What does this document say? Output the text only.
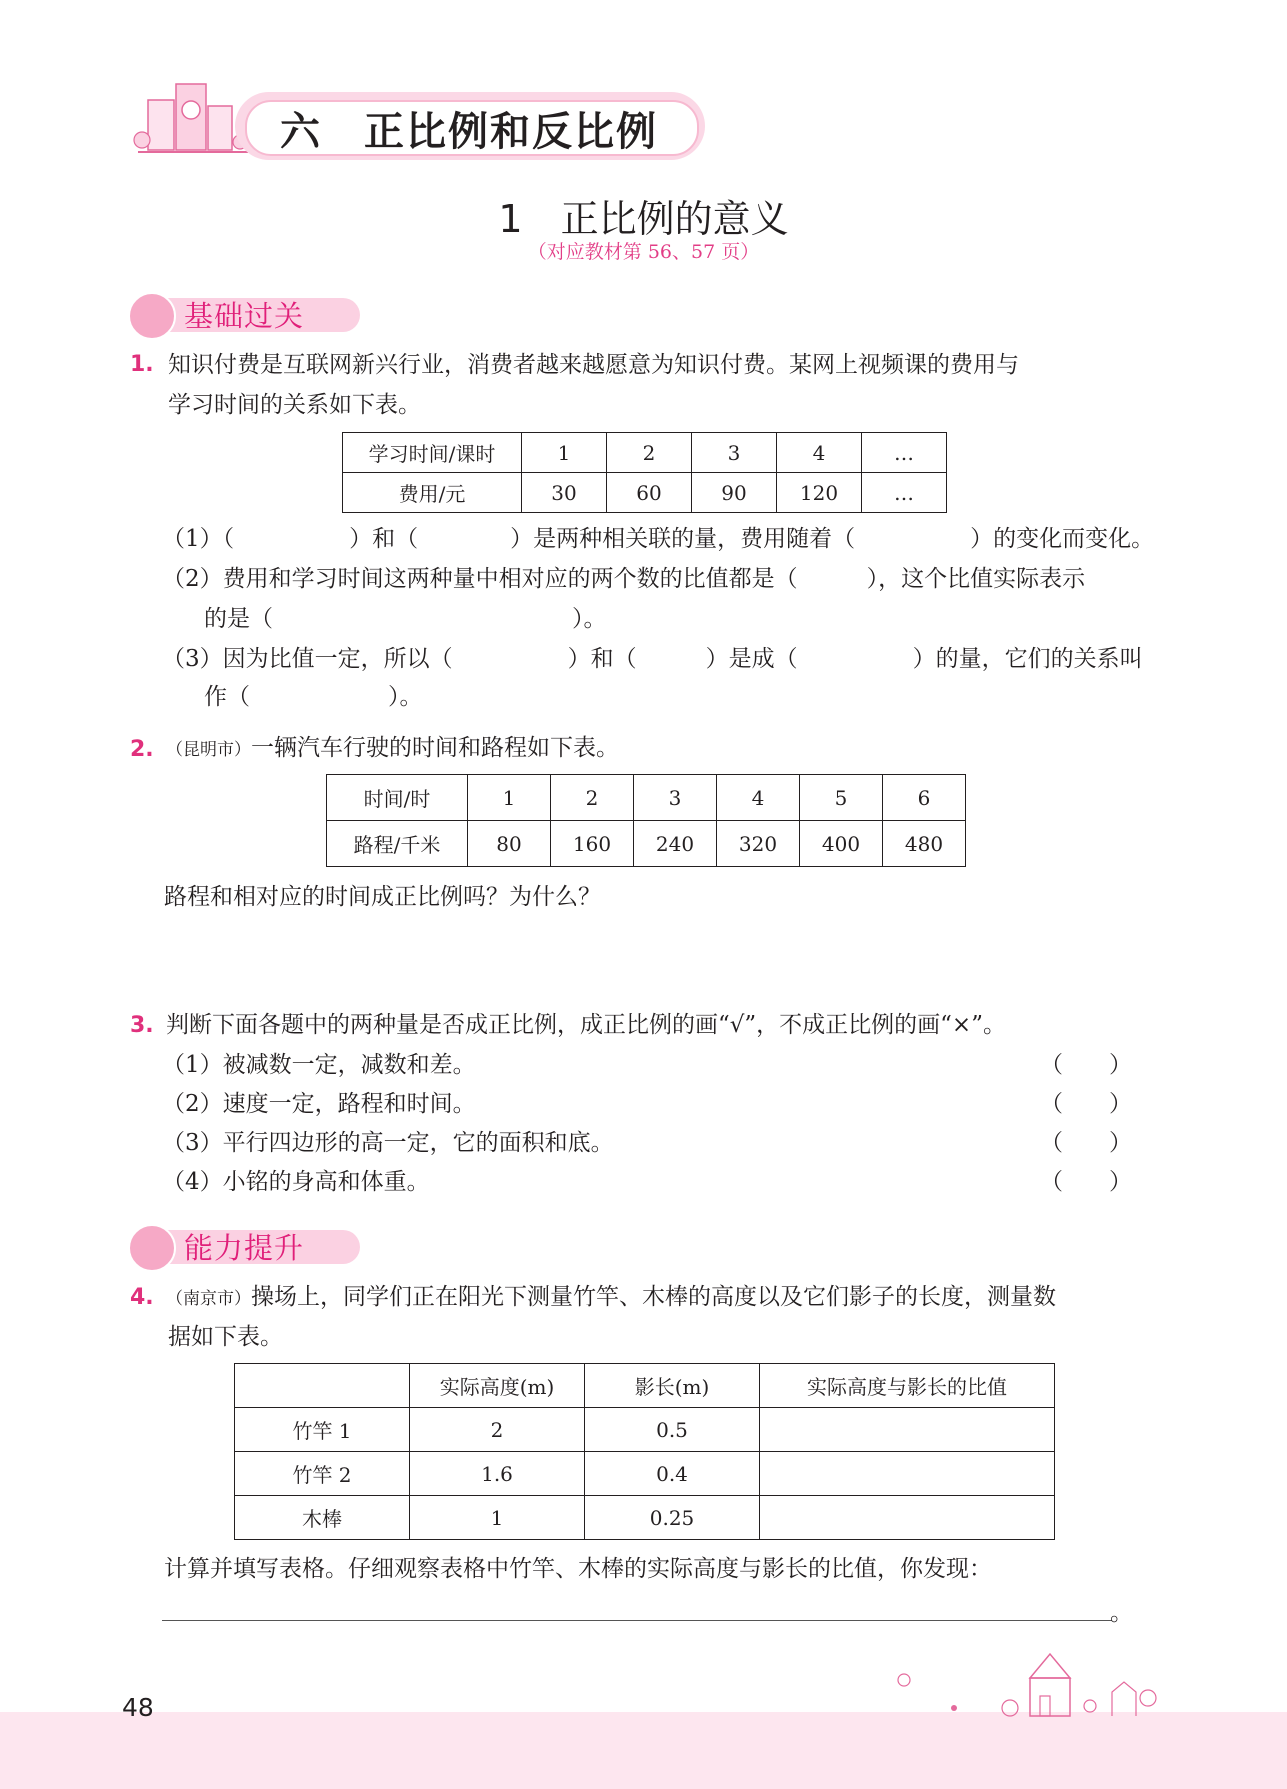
六　正比例和反比例
1　正比例的意义
（对应教材第 56、57 页）
基础过关
1. 知识付费是互联网新兴行业，消费者越来越愿意为知识付费。某网上视频课的费用与
学习时间的关系如下表。
学习时间/课时	1	2	3	4	…
费用/元	30	60	90	120	…
（1）（　　　　　）和（　　　　）是两种相关联的量，费用随着（　　　　　）的变化而变化。
（2）费用和学习时间这两种量中相对应的两个数的比值都是（　　　），这个比值实际表示
的是（　　　　　　　　　　　　　）。
（3）因为比值一定，所以（　　　　　）和（　　　）是成（　　　　　）的量，它们的关系叫
作（　　　　　　）。
2. （昆明市）一辆汽车行驶的时间和路程如下表。
时间/时	1	2	3	4	5	6
路程/千米	80	160	240	320	400	480
路程和相对应的时间成正比例吗？为什么？
3. 判断下面各题中的两种量是否成正比例，成正比例的画“√”，不成正比例的画“×”。
（1）被减数一定，减数和差。	（　　）
（2）速度一定，路程和时间。	（　　）
（3）平行四边形的高一定，它的面积和底。	（　　）
（4）小铭的身高和体重。	（　　）
能力提升
4. （南京市）操场上，同学们正在阳光下测量竹竿、木棒的高度以及它们影子的长度，测量数
据如下表。
	实际高度(m)	影长(m)	实际高度与影长的比值
竹竿 1	2	0.5	
竹竿 2	1.6	0.4	
木棒	1	0.25	
计算并填写表格。仔细观察表格中竹竿、木棒的实际高度与影长的比值，你发现：
。
48
